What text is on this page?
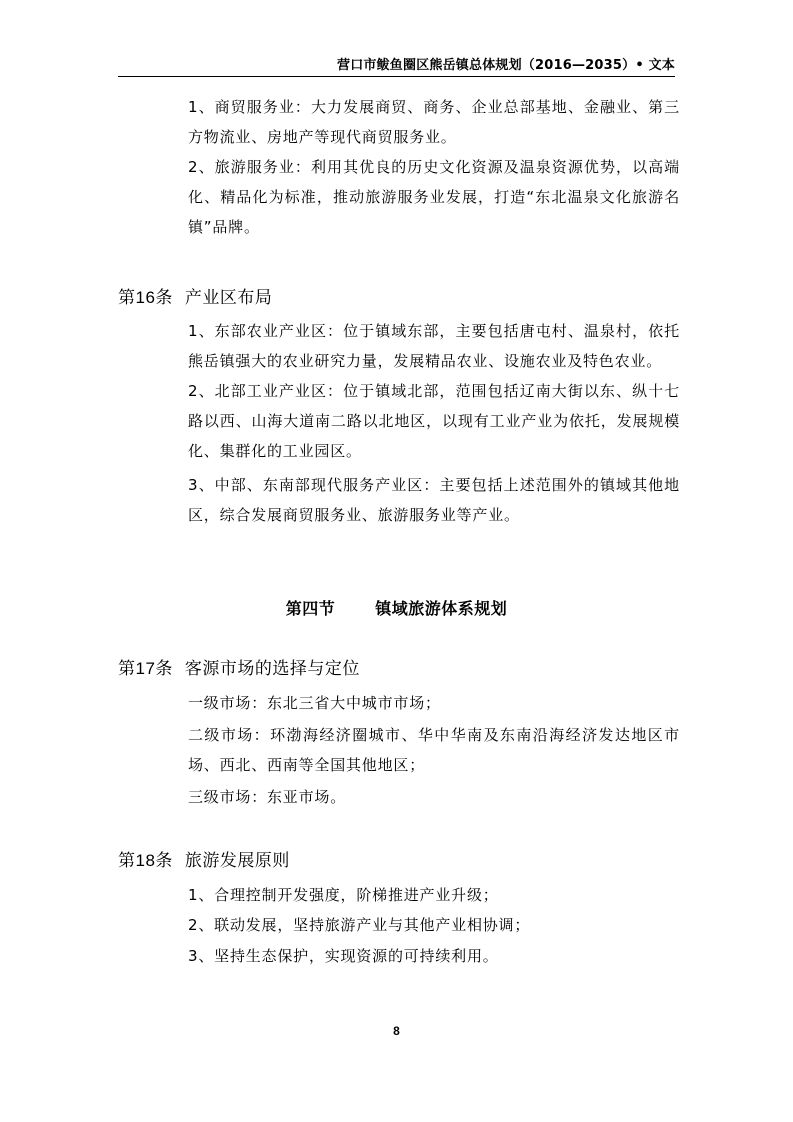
营口市鲅鱼圈区熊岳镇总体规划（2016—2035）• 文本

1、商贸服务业：大力发展商贸、商务、企业总部基地、金融业、第三方物流业、房地产等现代商贸服务业。

2、旅游服务业：利用其优良的历史文化资源及温泉资源优势，以高端化、精品化为标准，推动旅游服务业发展，打造“东北温泉文化旅游名镇”品牌。

第16条 产业区布局

1、东部农业产业区：位于镇域东部，主要包括唐屯村、温泉村，依托熊岳镇强大的农业研究力量，发展精品农业、设施农业及特色农业。

2、北部工业产业区：位于镇域北部，范围包括辽南大街以东、纵十七路以西、山海大道南二路以北地区，以现有工业产业为依托，发展规模化、集群化的工业园区。

3、中部、东南部现代服务产业区：主要包括上述范围外的镇域其他地区，综合发展商贸服务业、旅游服务业等产业。

第四节	镇域旅游体系规划
第17条 客源市场的选择与定位

一级市场：东北三省大中城市市场；

二级市场：环渤海经济圈城市、华中华南及东南沿海经济发达地区市场、西北、西南等全国其他地区；

三级市场：东亚市场。

第18条 旅游发展原则

1、合理控制开发强度，阶梯推进产业升级；

2、联动发展，坚持旅游产业与其他产业相协调；

3、坚持生态保护，实现资源的可持续利用。

8
